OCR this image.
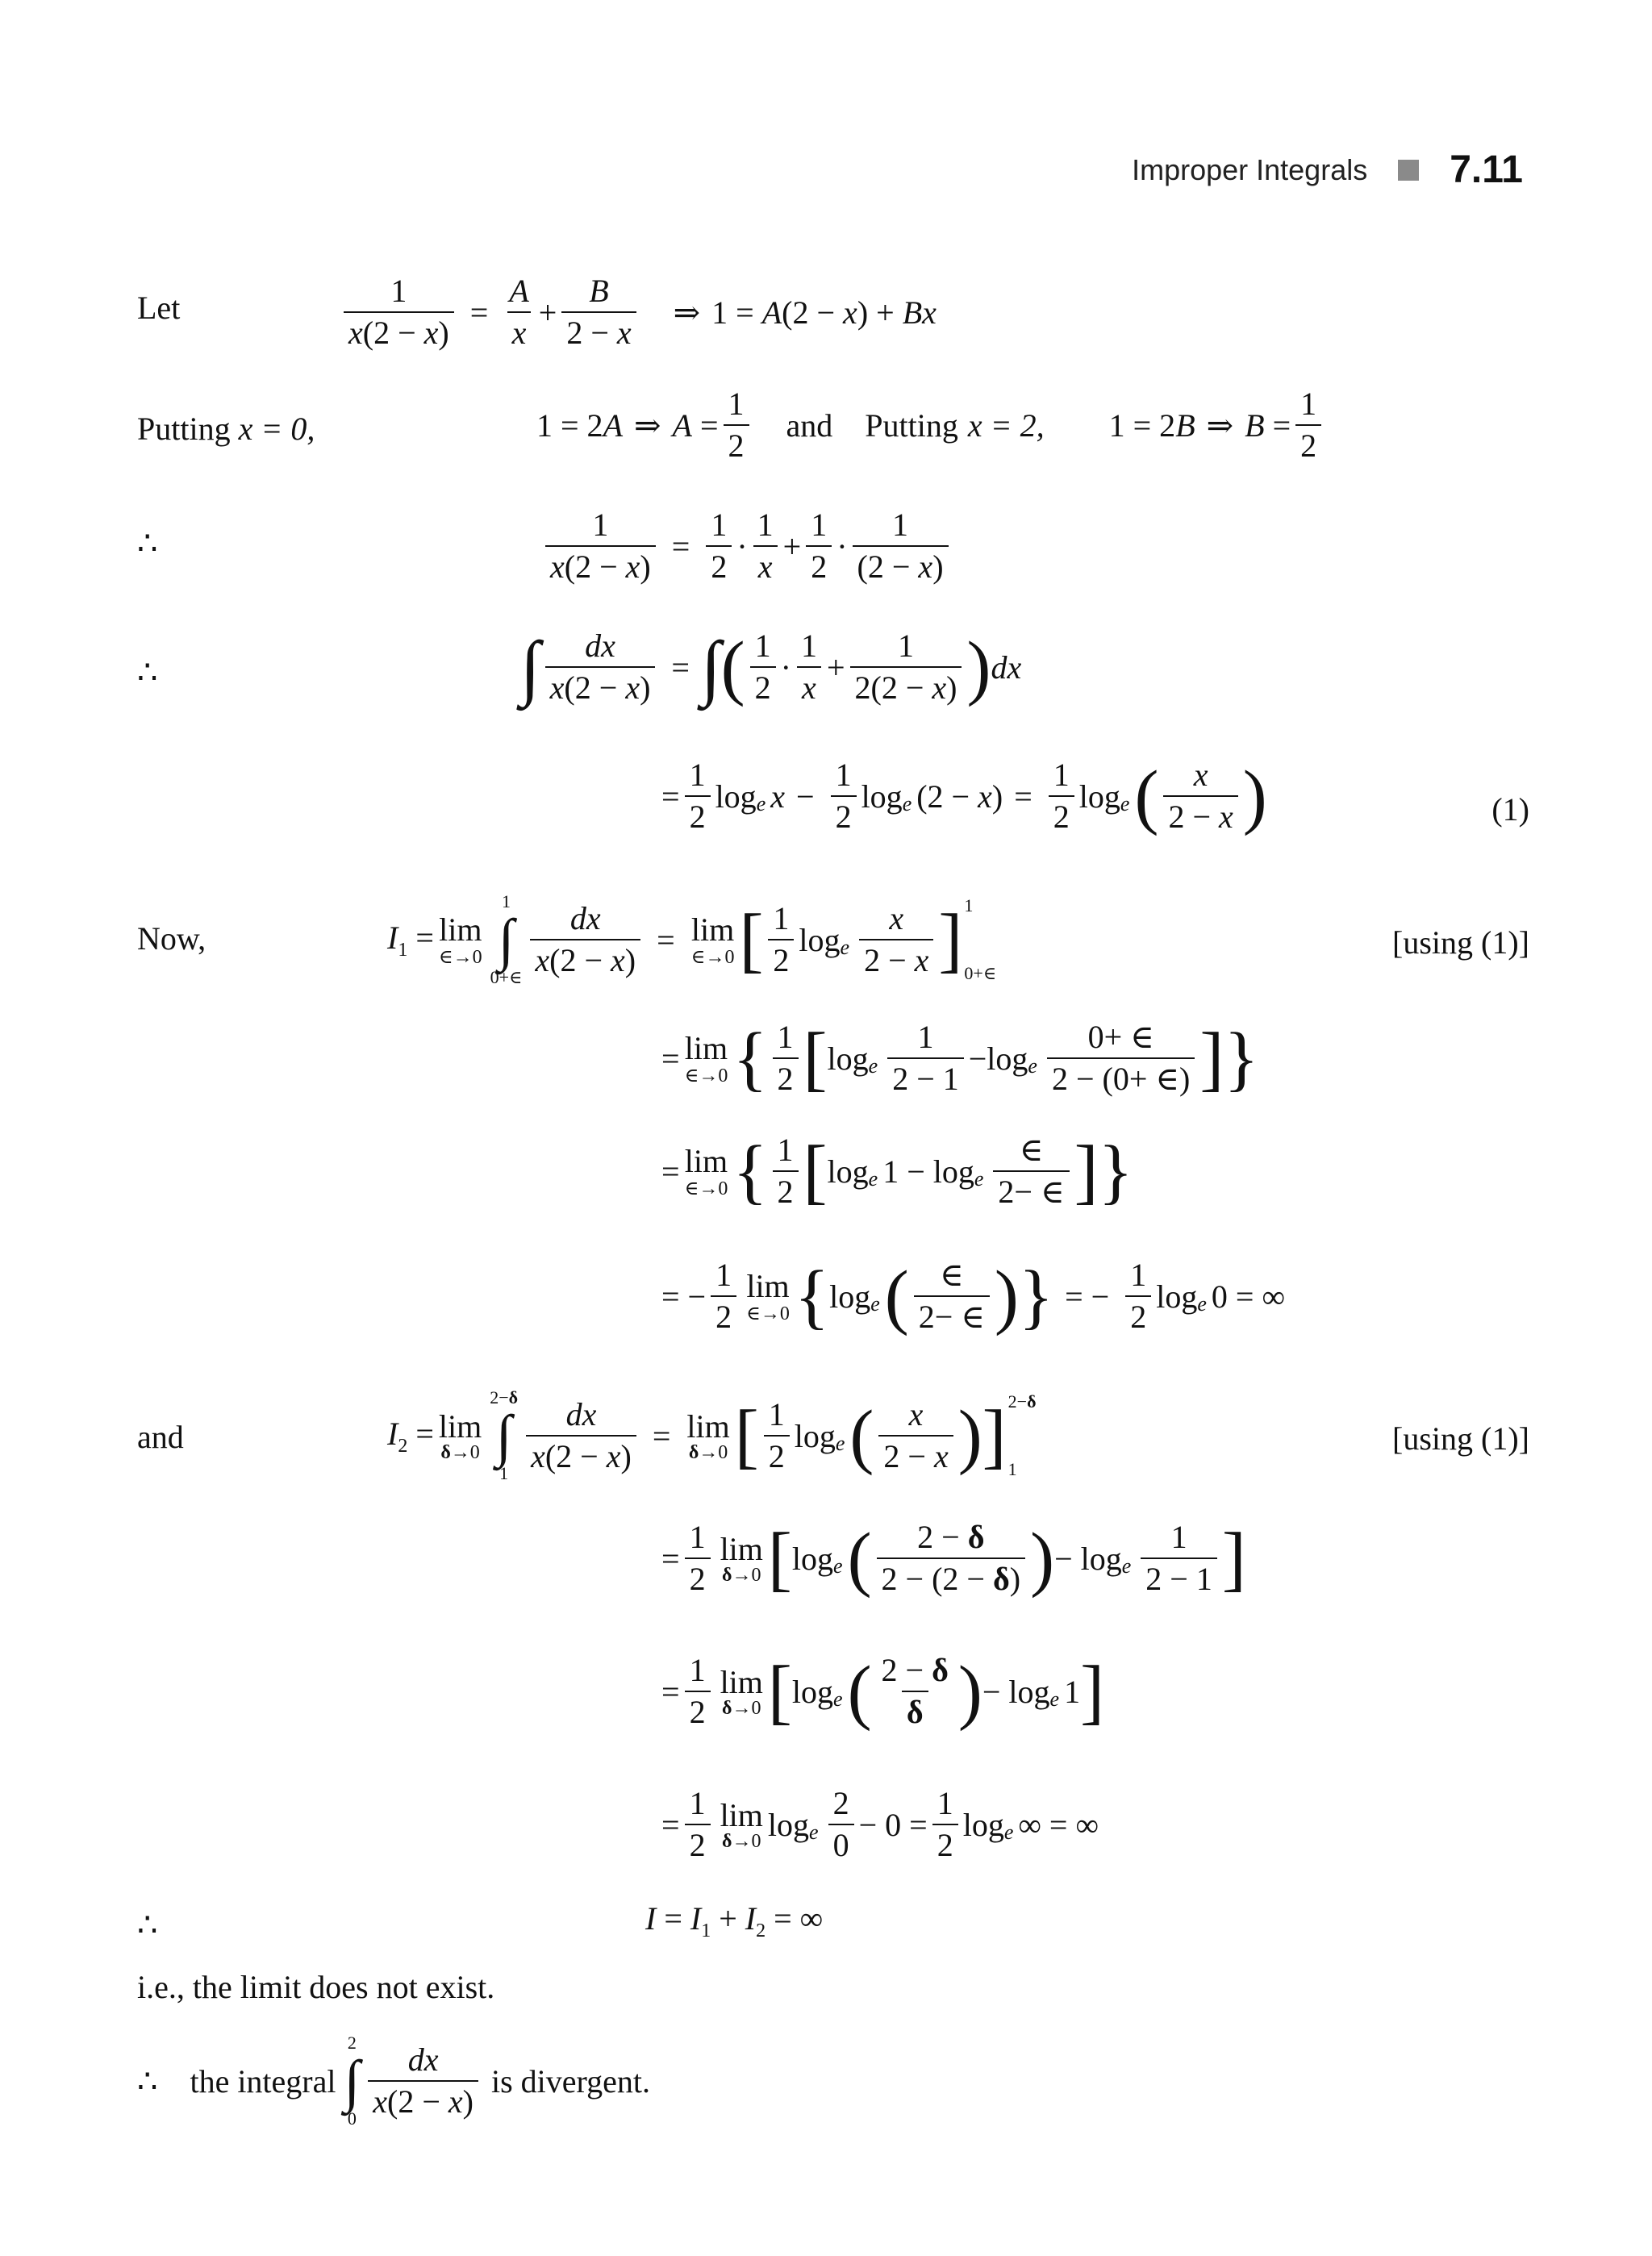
Improper Integrals 7.11
Let	$\frac{1}{x(2 - x)} = \frac{A}{x} + \frac{B}{2 - x}$ ⇒ 1 = A(2 − x) + Bx
Putting x = 0,	1 = 2A ⇒ $A = \frac{1}{2}$ and Putting x = 2, 1 = 2B ⇒ $B = \frac{1}{2}$
∴	$\frac{1}{x(2 - x)} = \frac{1}{2} \cdot \frac{1}{x} + \frac{1}{2} \cdot \frac{1}{(2 - x)}$
∴	∫ $\frac{dx}{x(2 - x)}$ = ∫ ( $\frac{1}{2} \cdot \frac{1}{x} + \frac{1}{2(2 - x)}$ ) dx
= $\frac{1}{2}$ log e $x - \frac{1}{2}$ log e $(2 - x) = \frac{1}{2}$ log e ( $\frac{x}{2 - x}$ )	(1)
Now,	$I_1 = \lim$
∈→0
1
∫
0+∈ $\frac{dx}{x(2 - x)} = \lim$
∈→0 [ $\frac{1}{2}$ log e $\frac{x}{2 - x}$ ] 1
0+∈
[using (1)]
= lim
∈→0 { $\frac{1}{2}$ [ log e $\frac{1}{2 - 1} -\log$ e $\frac{0+ \in}{2 - (0+ \in)}$ ]}
= lim
∈→0 { $\frac{1}{2}$ [ log e 1 − log e $\frac{\in}{2- \in}$ ]}
= − $\frac{1}{2}$ lim
∈→0 { log e ( $\frac{\in}{2- \in}$ )} = − $\frac{1}{2}$ log e 0 = ∞
and	$I_2 = \lim$
δ→0
2−δ
∫
$1 \frac{dx}{x(2 - x)} = \lim$
δ→0 [ $\frac{1}{2}$ log e ( $\frac{x}{2 - x}$ )] 2−δ
1
[using (1)]
= $\frac{1}{2}$ lim
δ→0 [ log e ( $\frac{2 - \delta}{2 - (2 - \delta)}$ ) − log e $\frac{1}{2 - 1}$ ]
= $\frac{1}{2}$ lim
δ→0 [ log e ( $\frac{2 - \delta}{\delta}$ ) − log e 1 ]
= $\frac{1}{2}$ lim
δ→0 log e $\frac{2}{0} - 0 = \frac{1}{2}$ log e ∞ = ∞
∴	$I = I_1 + I_2$ = ∞
i.e., the limit does not exist.
∴ the integral
2
∫
$0 \frac{dx}{x(2 - x)}$ is divergent.
